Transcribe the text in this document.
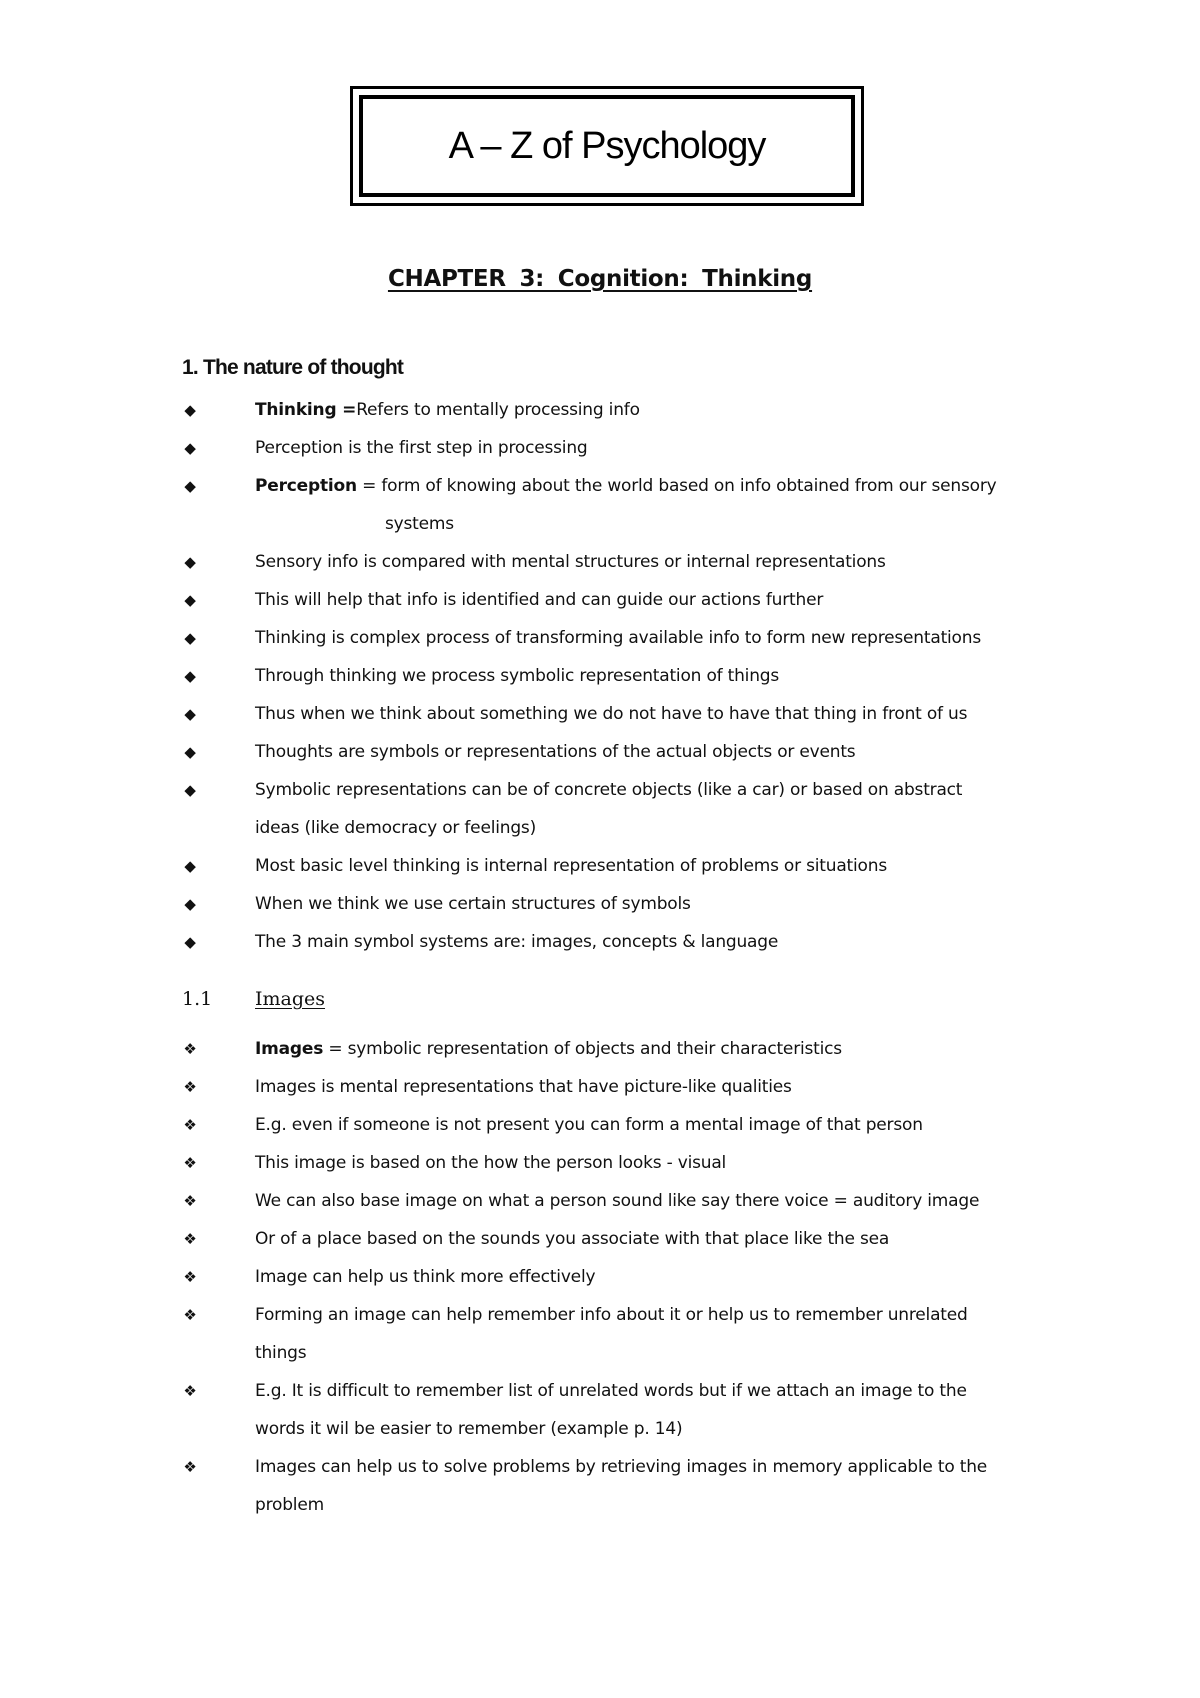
A – Z of Psychology
CHAPTER 3: Cognition: Thinking
1. The nature of thought
◆	Thinking =Refers to mentally processing info
◆	Perception is the first step in processing
◆	Perception = form of knowing about the world based on info obtained from our sensory
systems
◆	Sensory info is compared with mental structures or internal representations
◆	This will help that info is identified and can guide our actions further
◆	Thinking is complex process of transforming available info to form new representations
◆	Through thinking we process symbolic representation of things
◆	Thus when we think about something we do not have to have that thing in front of us
◆	Thoughts are symbols or representations of the actual objects or events
◆	Symbolic representations can be of concrete objects (like a car) or based on abstract ideas (like democracy or feelings)
◆	Most basic level thinking is internal representation of problems or situations
◆	When we think we use certain structures of symbols
◆	The 3 main symbol systems are: images, concepts & language
1.1 Images
❖	Images = symbolic representation of objects and their characteristics
❖	Images is mental representations that have picture-like qualities
❖	E.g. even if someone is not present you can form a mental image of that person
❖	This image is based on the how the person looks - visual
❖	We can also base image on what a person sound like say there voice = auditory image
❖	Or of a place based on the sounds you associate with that place like the sea
❖	Image can help us think more effectively
❖	Forming an image can help remember info about it or help us to remember unrelated things
❖	E.g. It is difficult to remember list of unrelated words but if we attach an image to the words it wil be easier to remember (example p. 14)
❖	Images can help us to solve problems by retrieving images in memory applicable to the problem
